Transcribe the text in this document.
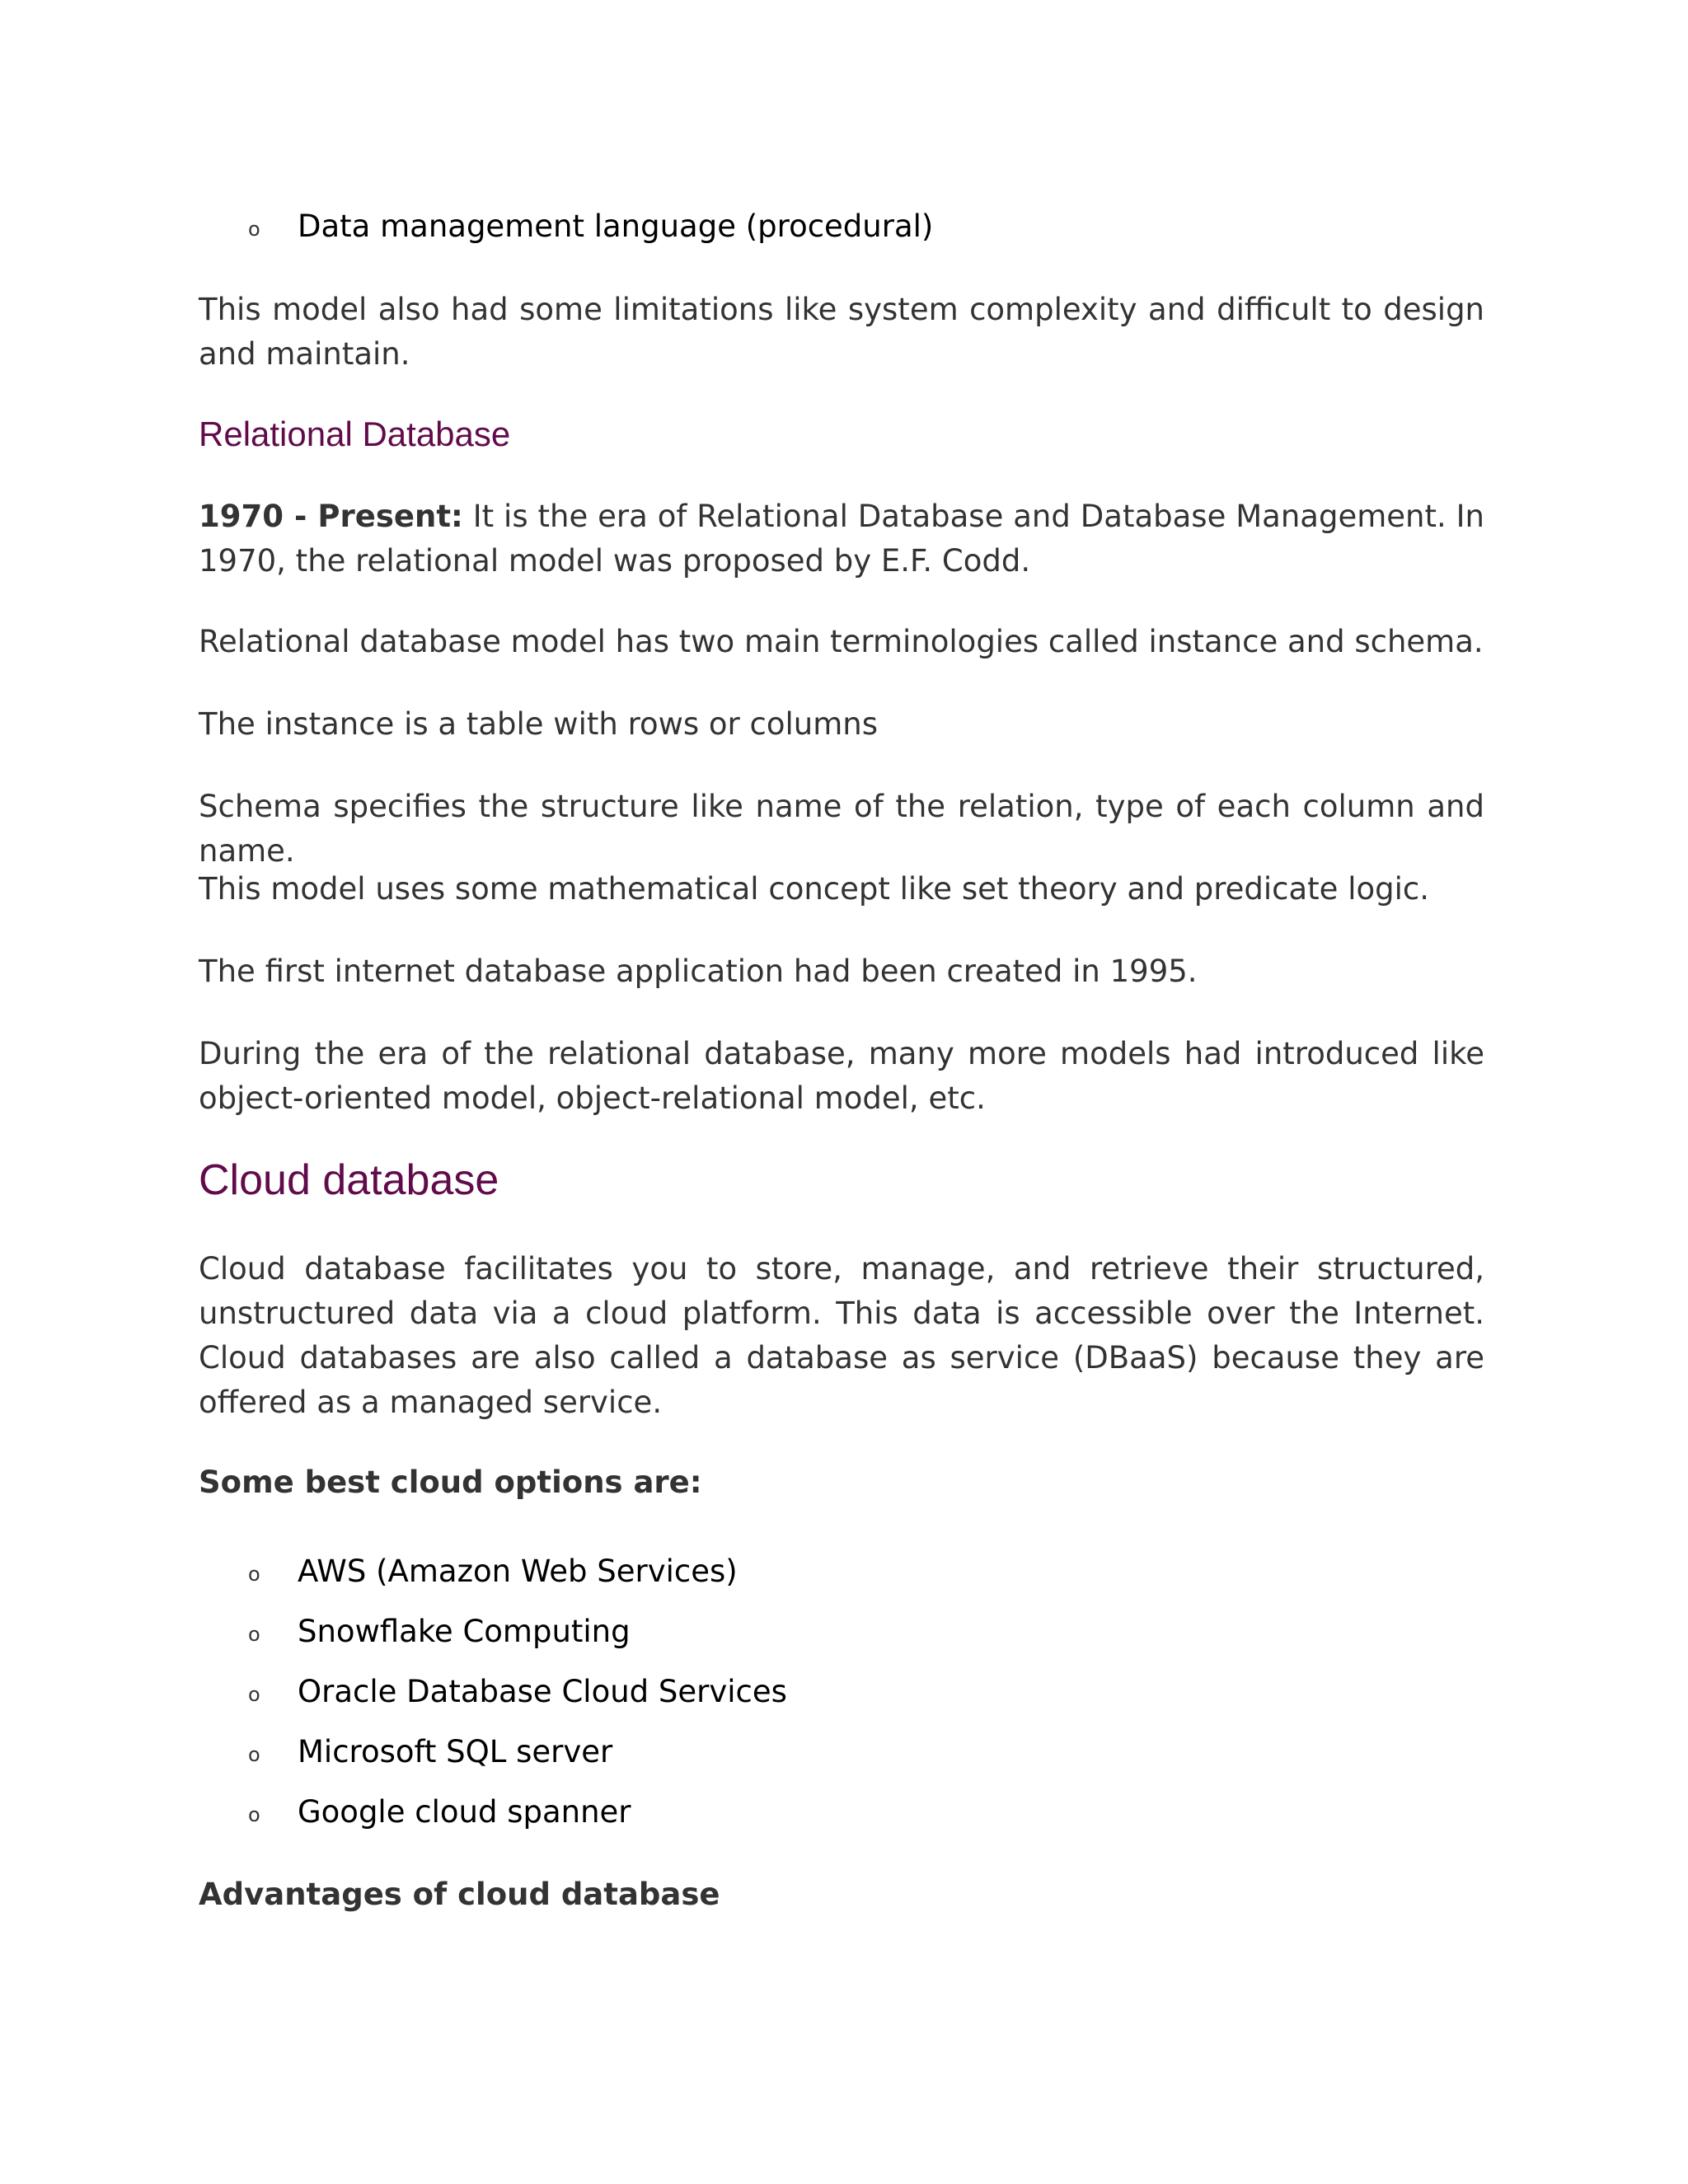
o Data management language (procedural)
This model also had some limitations like system complexity and difficult to design and maintain.
Relational Database
1970 - Present: It is the era of Relational Database and Database Management. In 1970, the relational model was proposed by E.F. Codd.
Relational database model has two main terminologies called instance and schema.
The instance is a table with rows or columns
Schema specifies the structure like name of the relation, type of each column and name.
This model uses some mathematical concept like set theory and predicate logic.
The first internet database application had been created in 1995.
During the era of the relational database, many more models had introduced like object-oriented model, object-relational model, etc.
Cloud database
Cloud database facilitates you to store, manage, and retrieve their structured, unstructured data via a cloud platform. This data is accessible over the Internet. Cloud databases are also called a database as service (DBaaS) because they are offered as a managed service.
Some best cloud options are:
o AWS (Amazon Web Services)
o Snowflake Computing
o Oracle Database Cloud Services
o Microsoft SQL server
o Google cloud spanner
Advantages of cloud database
